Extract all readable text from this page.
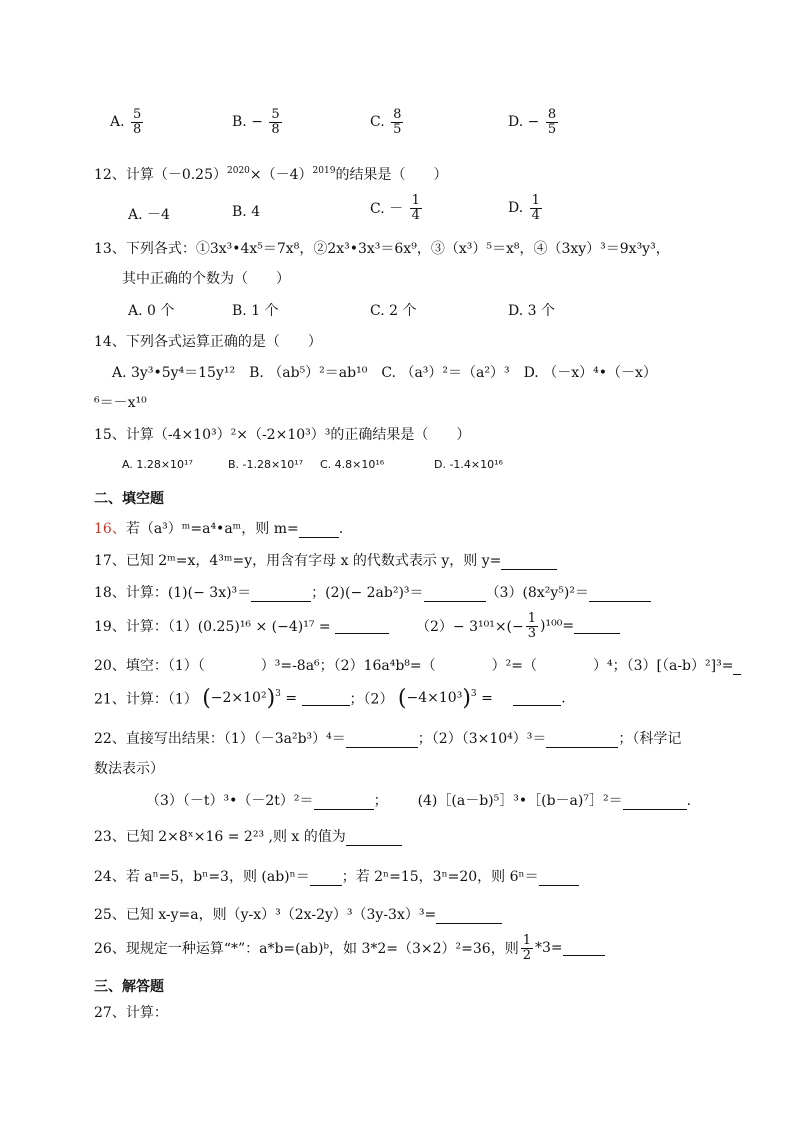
A. $\frac{5}{8}$	B. − $\frac{5}{8}$	C. $\frac{8}{5}$	D. − $\frac{8}{5}$
12、计算$(-0.25)^{2020}\times(-4)^{2019}$的结果是（　　）
A. －4	B. 4	C. － $\frac{1}{4}$	D. $\frac{1}{4}$
13、下列各式：①3x³•4x⁵＝7x⁸，②2x³•3x³＝6x⁹，③（x³）⁵＝x⁸，④（3xy）³＝9x³y³，
其中正确的个数为（　　）
A. 0 个	B. 1 个	C. 2 个	D. 3 个
14、下列各式运算正确的是（　　）
A. 3y³•5y⁴＝15y¹²　B. （ab⁵）²＝ab¹⁰　C. （a³）²＝（a²）³　D. （－x）⁴•（－x）
⁶＝－x¹⁰
15、计算（-4×10³）²×（-2×10³）³的正确结果是（　　）
A. 1.28×10¹⁷	B. -1.28×10¹⁷ C. 4.8×10¹⁶	D. -1.4×10¹⁶
二、填空题
16、若（a³）ᵐ=a⁴•aᵐ，则 m=	.
17、已知 2ᵐ=x，4³ᵐ=y，用含有字母 x 的代数式表示 y，则 y=
18、计算：(1)(− 3x)³＝	；(2)(− 2ab²)³＝	（3）(8x²y⁵)²＝
19、计算：（1）(0.25)¹⁶ × (−4)¹⁷ =	$(2)- 3^{101}\times(- \frac{1}{3} )^{100}=$
20、填空：（1）（　　　　）³=-8a⁶；（2）16a⁴b⁸=（　　　　）²=（　　　　）⁴；（3）[（a-b）²]³=
21、计算：（1） $(-2\times 10^2)^3$ =	；（2） $(-4\times 10^3)^3$ =	.
22、直接写出结果：（1）（－3a²b³）⁴＝	；（2）（3×10⁴）³＝	；（科学记
数法表示）
（3）（－t）³•（－2t）²＝	； (4)［(a－b)⁵］³•［(b－a)⁷］²＝	.
23、已知 2×8ˣ×16 = 2²³ ,则 x 的值为
24、若 aⁿ=5，bⁿ=3，则 (ab)ⁿ＝ ；若 2ⁿ=15，3ⁿ=20，则 6ⁿ＝
25、已知 x-y=a，则（y-x）³（2x-2y）³（3y-3x）³=
26、现规定一种运算“*”：a*b=(ab)ᵇ，如 3*2=（3×2）²=36，则 $\frac{1}{2} *3=$
三、解答题
27、计算：
